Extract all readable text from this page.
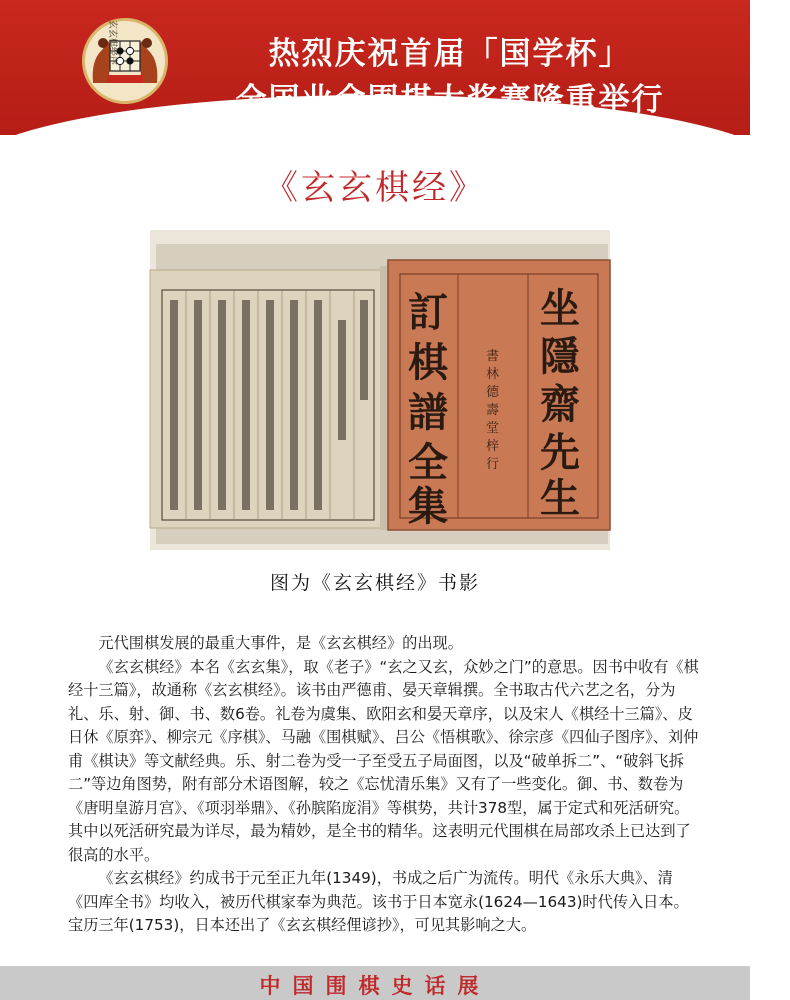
热烈庆祝首届「国学杯」
全国业余围棋大奖赛隆重举行
《玄玄棋经》
玄玄棋经序
坐
隱
齋
先
生
訂
棋
譜
全
集
書
林
德
壽
堂
梓
行
图为《玄玄棋经》书影

元代围棋发展的最重大事件，是《玄玄棋经》的出现。

《玄玄棋经》本名《玄玄集》，取《老子》“玄之又玄，众妙之门”的意思。因书中收有《棋经十三篇》，故通称《玄玄棋经》。该书由严德甫、晏天章辑撰。全书取古代六艺之名，分为礼、乐、射、御、书、数6卷。礼卷为虞集、欧阳玄和晏天章序，以及宋人《棋经十三篇》、皮日休《原弈》、柳宗元《序棋》、马融《围棋赋》、吕公《悟棋歌》、徐宗彦《四仙子图序》、刘仲甫《棋诀》等文献经典。乐、射二卷为受一子至受五子局面图，以及“破单拆二”、“破斜飞拆二”等边角图势，附有部分术语图解，较之《忘忧清乐集》又有了一些变化。御、书、数卷为《唐明皇游月宫》、《项羽举鼎》、《孙膑陷庞涓》等棋势，共计378型，属于定式和死活研究。其中以死活研究最为详尽，最为精妙，是全书的精华。这表明元代围棋在局部攻杀上已达到了很高的水平。

《玄玄棋经》约成书于元至正九年(1349)，书成之后广为流传。明代《永乐大典》、清《四库全书》均收入，被历代棋家奉为典范。该书于日本宽永(1624—1643)时代传入日本。宝历三年(1753)，日本还出了《玄玄棋经俚谚抄》，可见其影响之大。

中国围棋史话展
